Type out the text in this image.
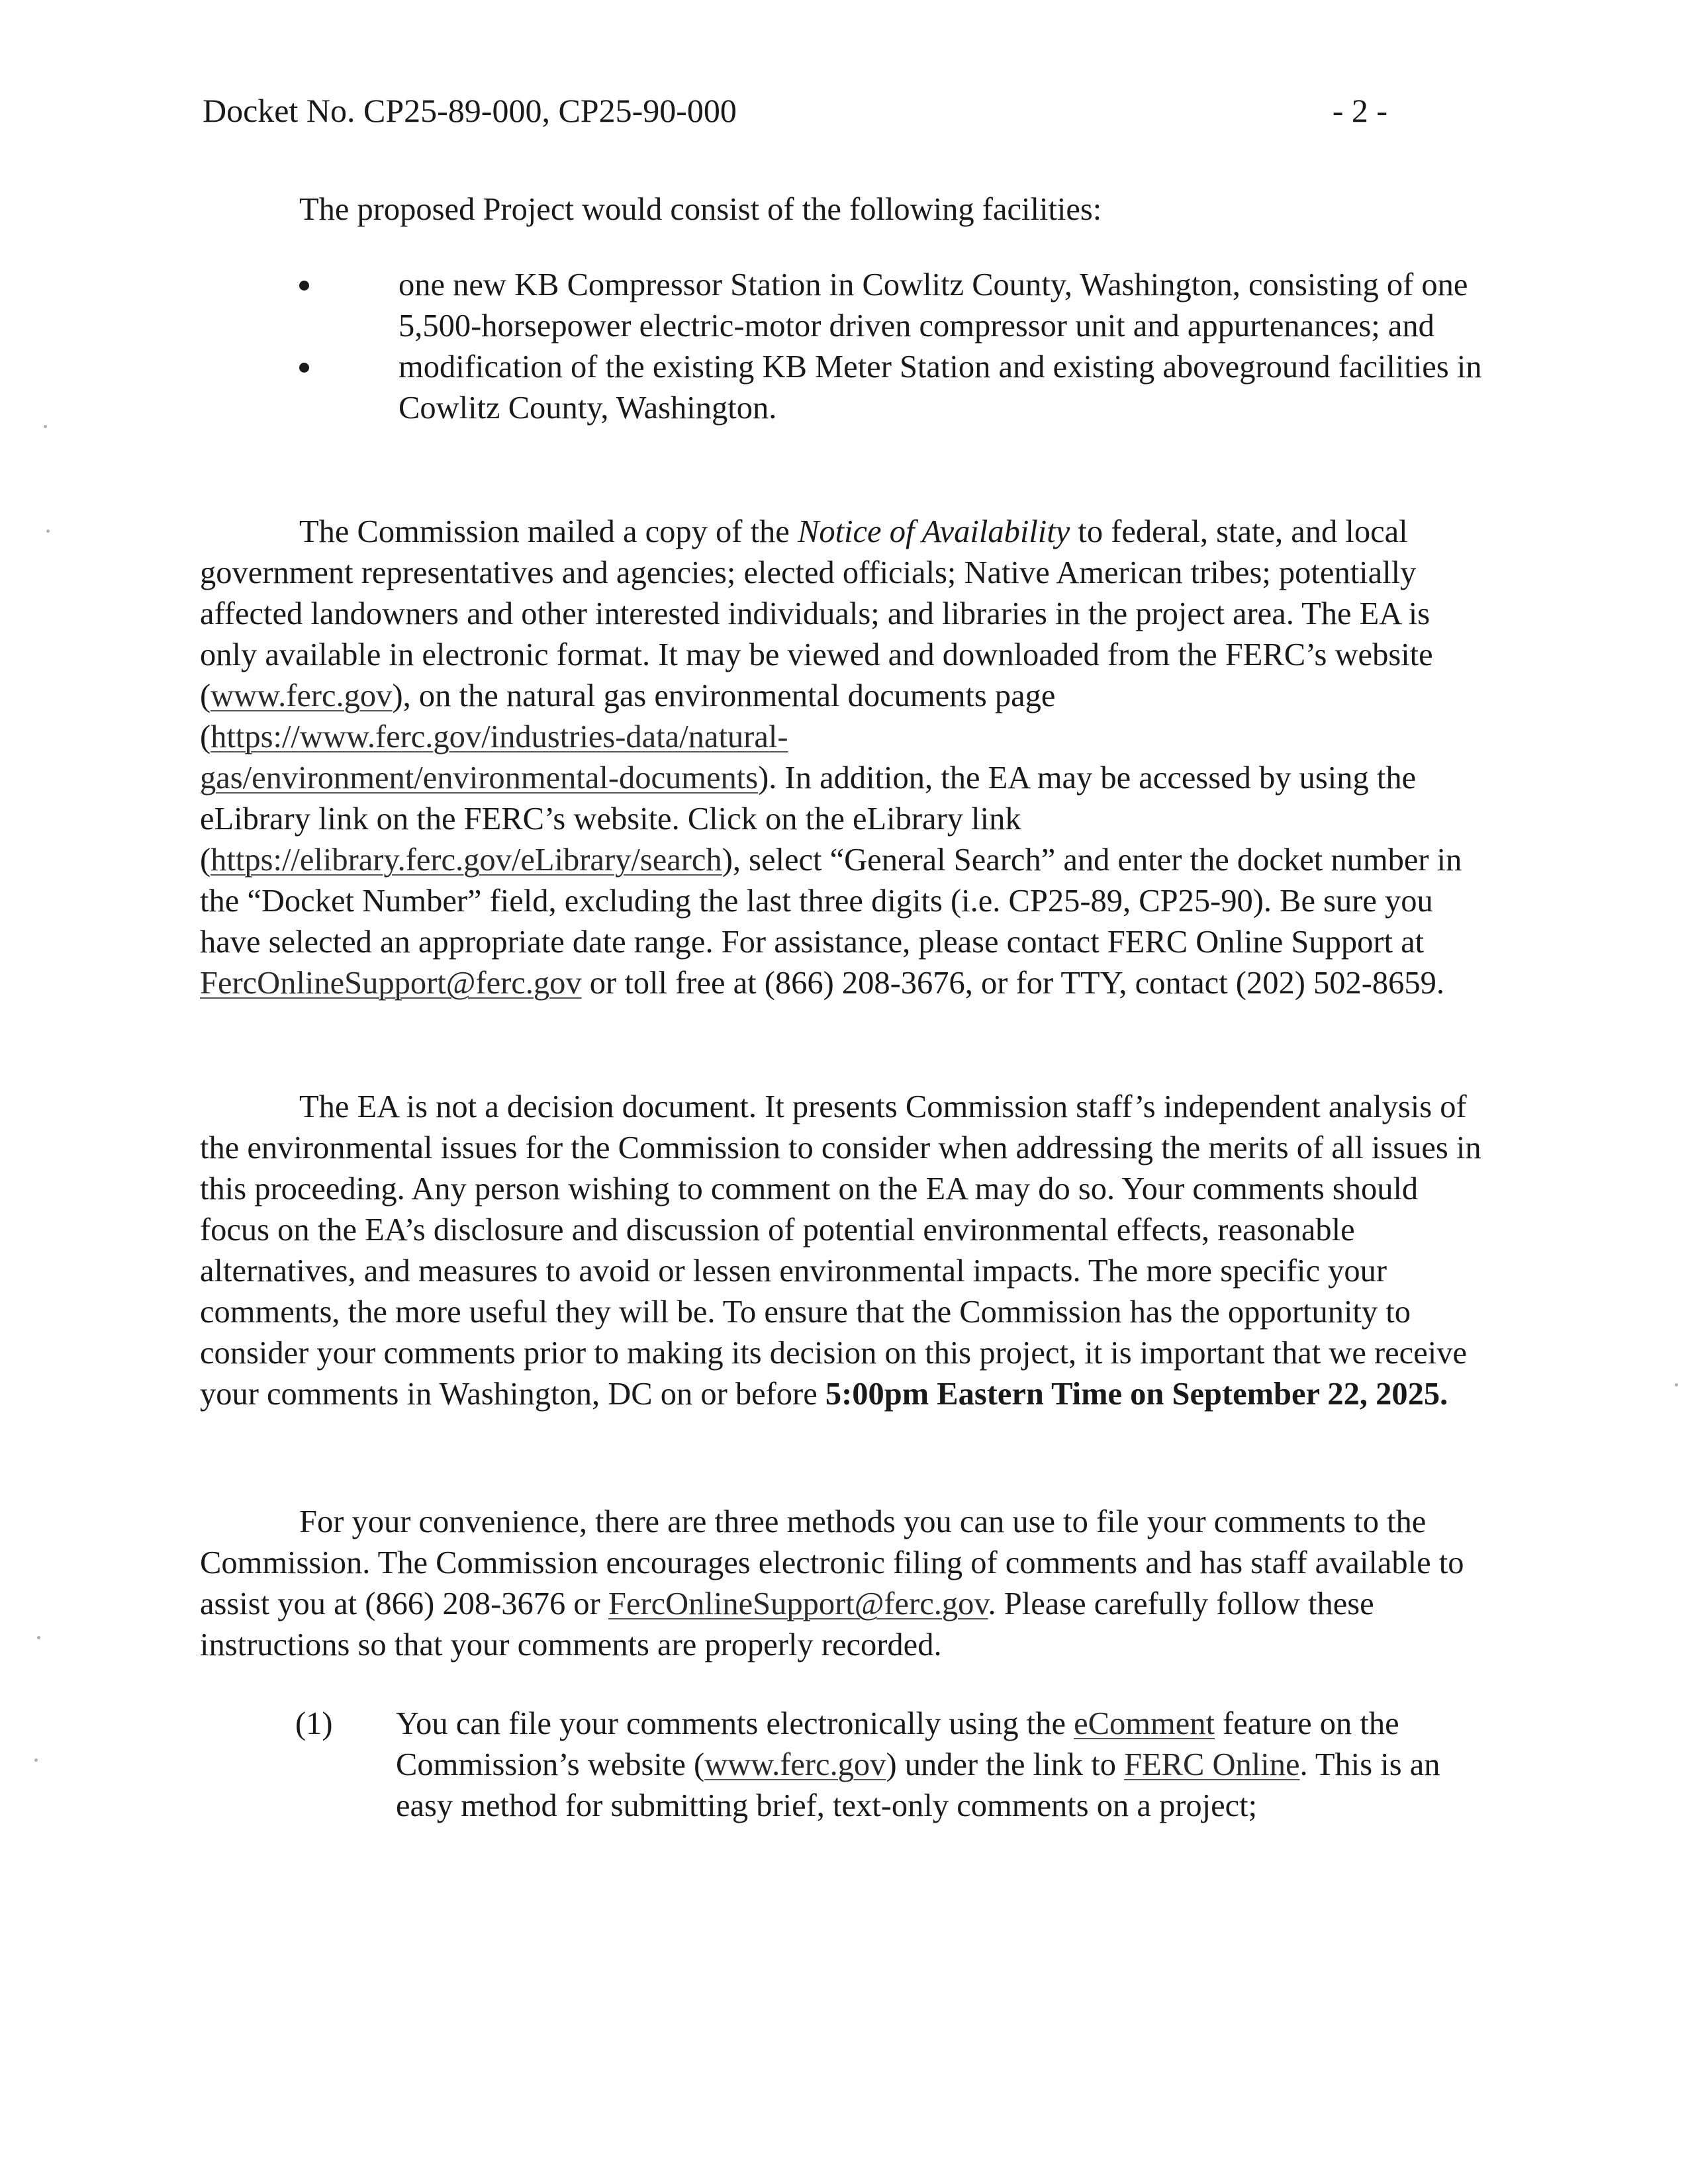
Docket No. CP25-89-000, CP25-90-000	- 2 -

The proposed Project would consist of the following facilities:

one new KB Compressor Station in Cowlitz County, Washington, consisting of one 5,500-horsepower electric-motor driven compressor unit and appurtenances; and

modification of the existing KB Meter Station and existing aboveground facilities in Cowlitz County, Washington.

The Commission mailed a copy of the Notice of Availability to federal, state, and local government representatives and agencies; elected officials; Native American tribes; potentially affected landowners and other interested individuals; and libraries in the project area. The EA is only available in electronic format. It may be viewed and downloaded from the FERC’s website (www.ferc.gov), on the natural gas environmental documents page (https://www.ferc.gov/industries-data/natural-
gas/environment/environmental-documents). In addition, the EA may be accessed by using the eLibrary link on the FERC’s website. Click on the eLibrary link (https://elibrary.ferc.gov/eLibrary/search), select “General Search” and enter the docket number in the “Docket Number” field, excluding the last three digits (i.e. CP25-89, CP25-90). Be sure you have selected an appropriate date range. For assistance, please contact FERC Online Support at FercOnlineSupport@ferc.gov or toll free at (866) 208-3676, or for TTY, contact (202) 502-8659.

The EA is not a decision document. It presents Commission staff’s independent analysis of the environmental issues for the Commission to consider when addressing the merits of all issues in this proceeding. Any person wishing to comment on the EA may do so. Your comments should focus on the EA’s disclosure and discussion of potential environmental effects, reasonable alternatives, and measures to avoid or lessen environmental impacts. The more specific your comments, the more useful they will be. To ensure that the Commission has the opportunity to consider your comments prior to making its decision on this project, it is important that we receive your comments in Washington, DC on or before 5:00pm Eastern Time on September 22, 2025.

For your convenience, there are three methods you can use to file your comments to the Commission. The Commission encourages electronic filing of comments and has staff available to assist you at (866) 208-3676 or FercOnlineSupport@ferc.gov. Please carefully follow these instructions so that your comments are properly recorded.

(1) You can file your comments electronically using the eComment feature on the Commission’s website (www.ferc.gov) under the link to FERC Online. This is an easy method for submitting brief, text-only comments on a project;
